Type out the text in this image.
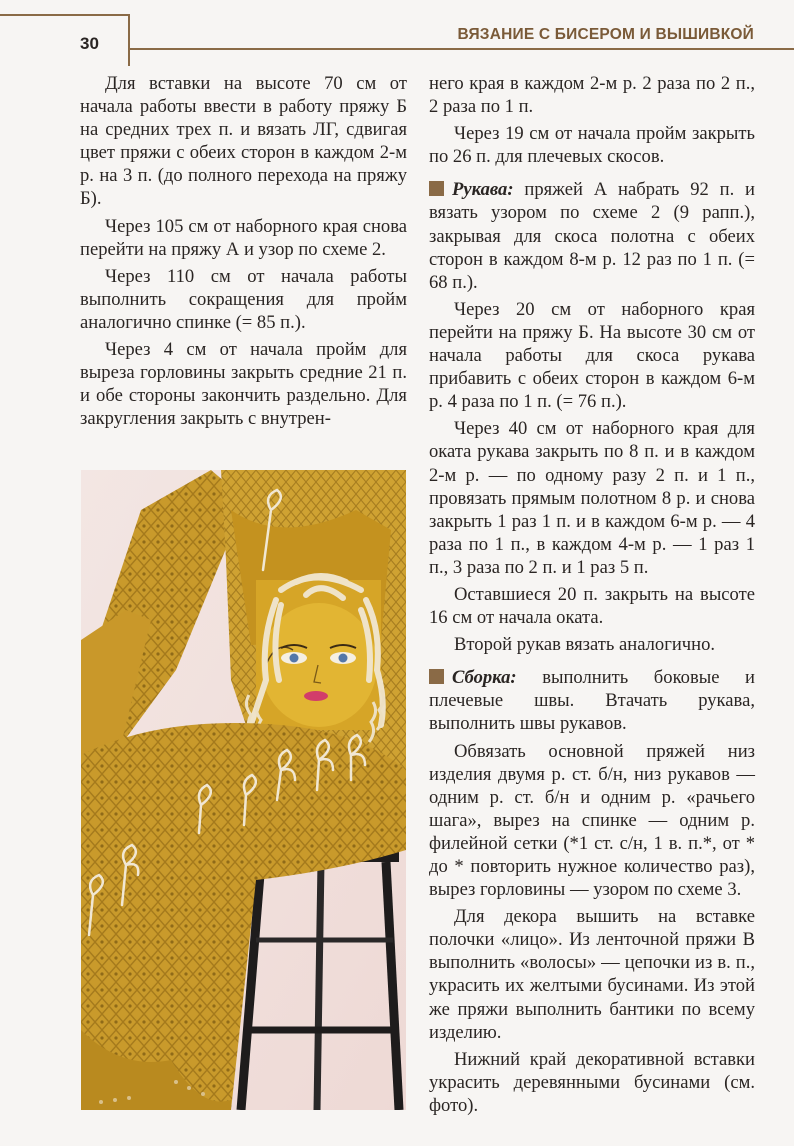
30	ВЯЗАНИЕ С БИСЕРОМ И ВЫШИВКОЙ

Для вставки на высоте 70 см от начала работы ввести в работу пряжу Б на средних трех п. и вязать ЛГ, сдвигая цвет пряжи с обеих сторон в каждом 2-м р. на 3 п. (до полного перехода на пряжу Б).

Через 105 см от наборного края снова перейти на пряжу А и узор по схеме 2.

Через 110 см от начала работы выполнить сокращения для пройм аналогично спинке (= 85 п.).

Через 4 см от начала пройм для выреза горловины закрыть средние 21 п. и обе стороны закончить раздельно. Для закругления закрыть с внутрен-

него края в каждом 2-м р. 2 раза по 2 п., 2 раза по 1 п.

Через 19 см от начала пройм закрыть по 26 п. для плечевых скосов.

Рукава: пряжей А набрать 92 п. и вязать узором по схеме 2 (9 рапп.), закрывая для скоса полотна с обеих сторон в каждом 8-м р. 12 раз по 1 п. (= 68 п.).

Через 20 см от наборного края перейти на пряжу Б. На высоте 30 см от начала работы для скоса рукава прибавить с обеих сторон в каждом 6-м р. 4 раза по 1 п. (= 76 п.).

Через 40 см от наборного края для оката рукава закрыть по 8 п. и в каждом 2-м р. — по одному разу 2 п. и 1 п., провязать прямым полотном 8 р. и снова закрыть 1 раз 1 п. и в каждом 6-м р. — 4 раза по 1 п., в каждом 4-м р. — 1 раз 1 п., 3 раза по 2 п. и 1 раз 5 п.

Оставшиеся 20 п. закрыть на высоте 16 см от начала оката.

Второй рукав вязать аналогично.

Сборка: выполнить боковые и плечевые швы. Втачать рукава, выполнить швы рукавов.

Обвязать основной пряжей низ изделия двумя р. ст. б/н, низ рукавов — одним р. ст. б/н и одним р. «рачьего шага», вырез на спинке — одним р. филейной сетки (*1 ст. с/н, 1 в. п.*, от * до * повторить нужное количество раз), вырез горловины — узором по схеме 3.

Для декора вышить на вставке полочки «лицо». Из ленточной пряжи В выполнить «волосы» — цепочки из в. п., украсить их желтыми бусинами. Из этой же пряжи выполнить бантики по всему изделию.

Нижний край декоративной вставки украсить деревянными бусинами (см. фото).
